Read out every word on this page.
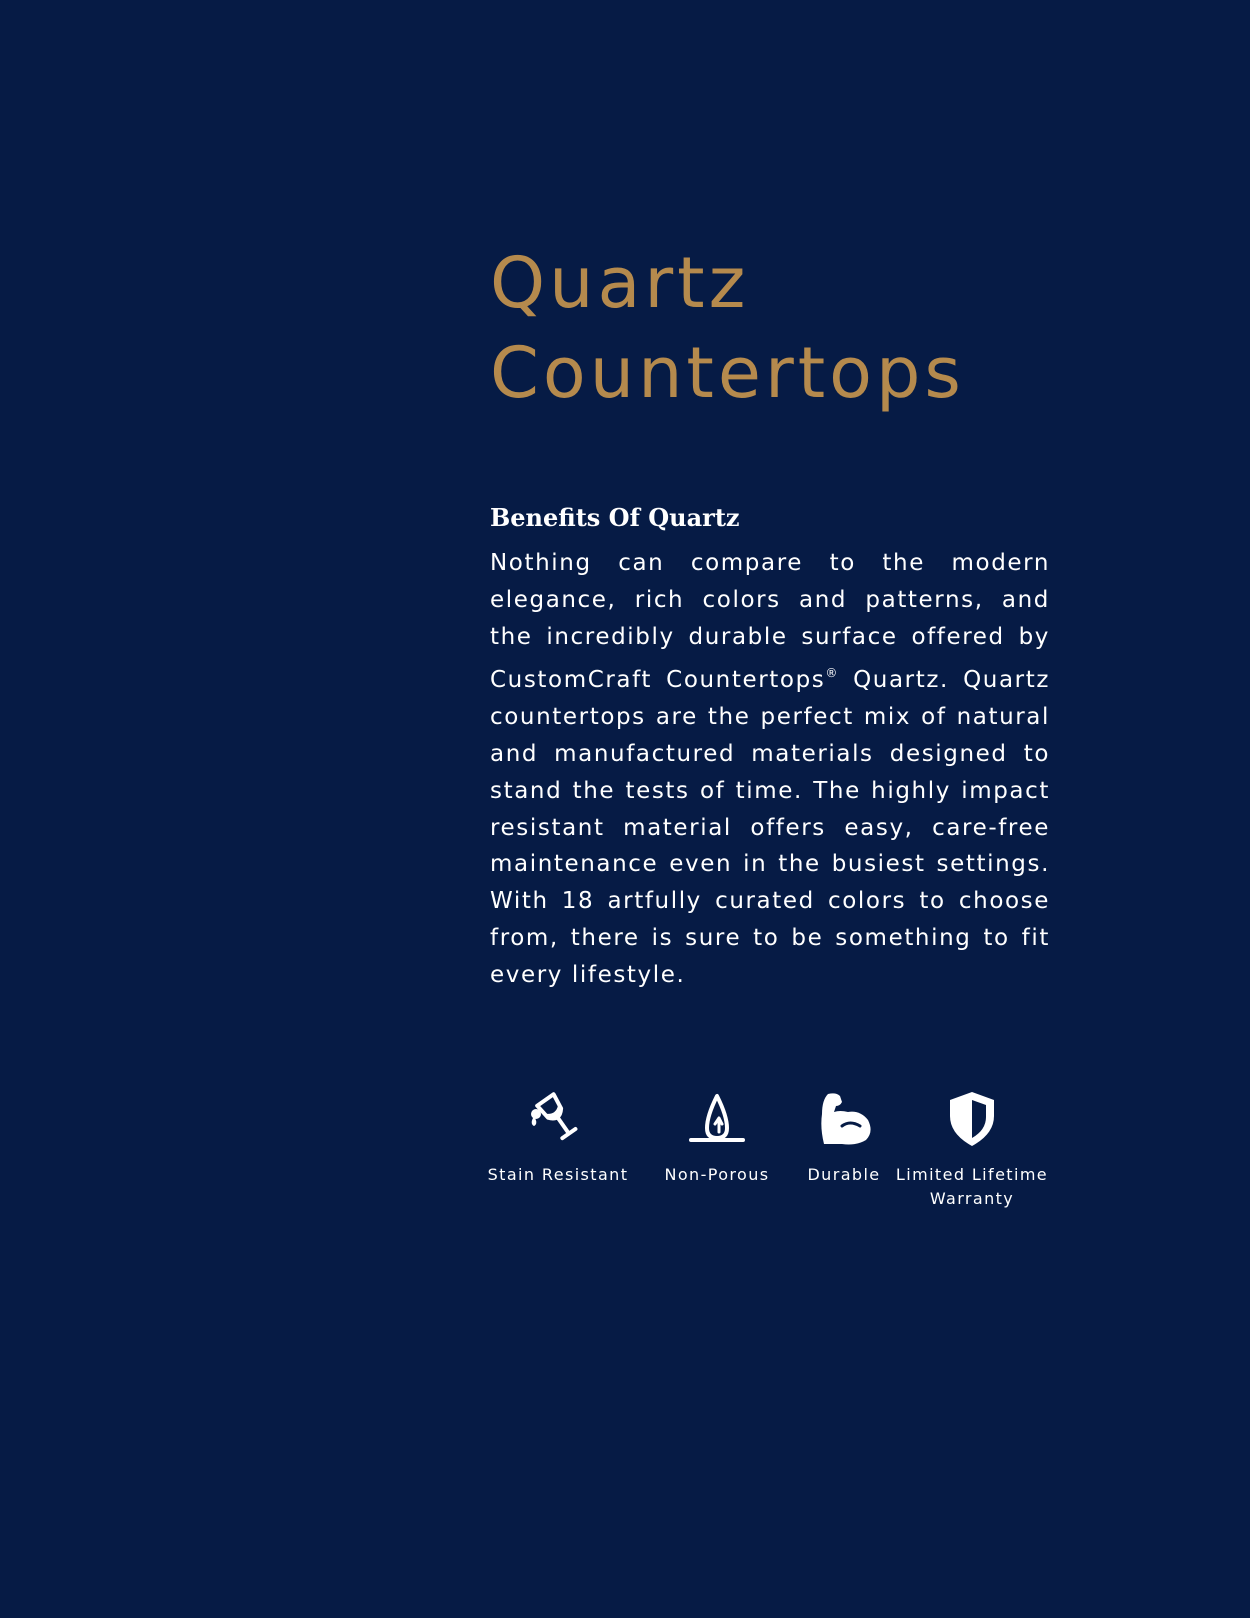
Quartz
Countertops
Benefits Of Quartz

Nothing can compare to the modern elegance, rich colors and patterns, and the incredibly durable surface offered by CustomCraft Countertops® Quartz. Quartz countertops are the perfect mix of natural and manufactured materials designed to stand the tests of time. The highly impact resistant material offers easy, care-free maintenance even in the busiest settings. With 18 artfully curated colors to choose from, there is sure to be something to fit every lifestyle.

Stain Resistant	Non-Porous	Durable Limited Lifetime
Warranty
